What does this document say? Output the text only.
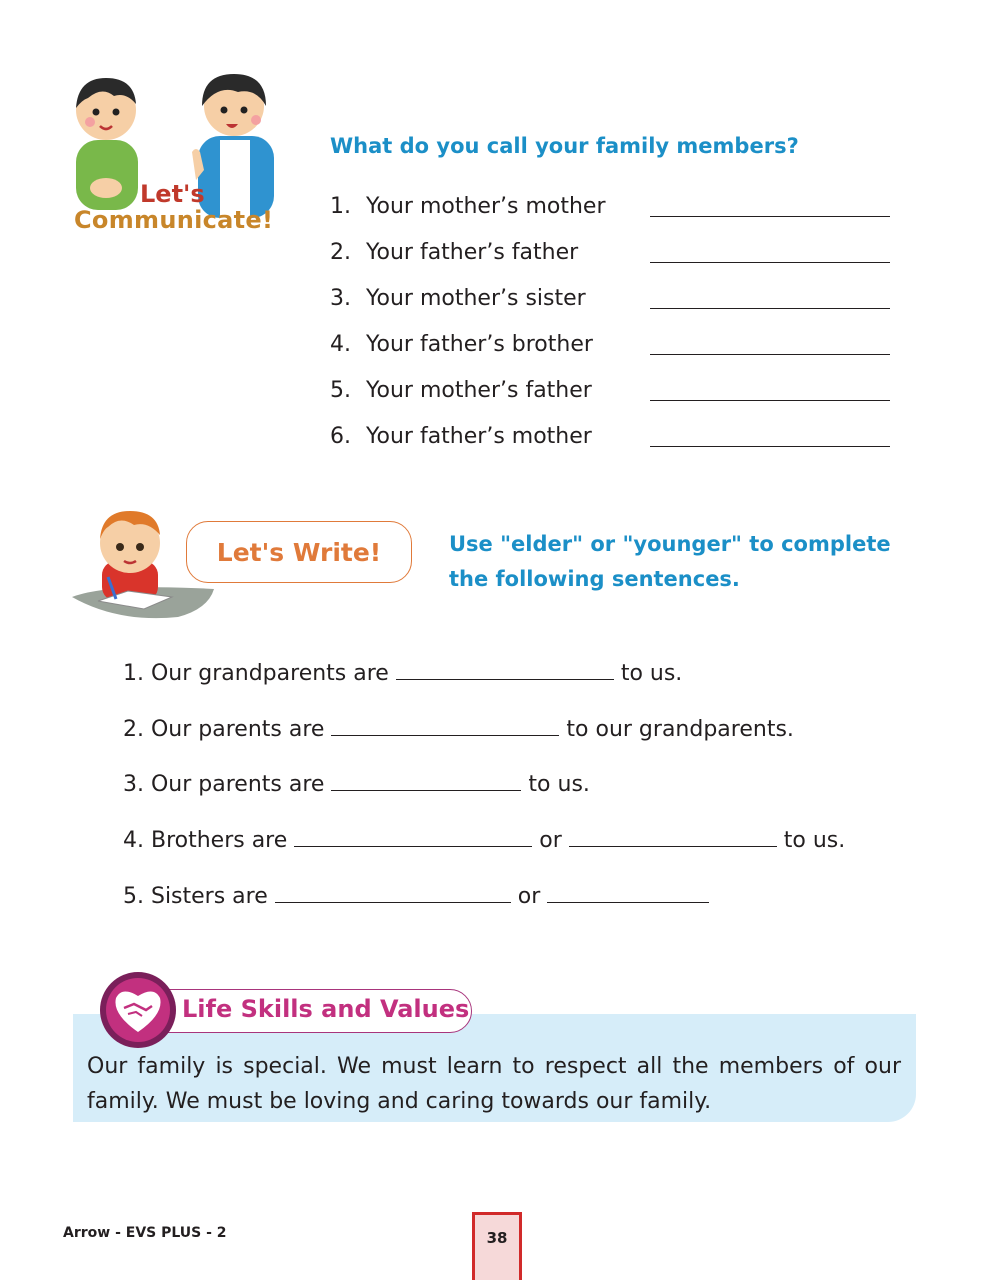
Let's
Communicate!
What do you call your family members?
1. Your mother’s mother
2. Your father’s father
3. Your mother’s sister
4. Your father’s brother
5. Your mother’s father
6. Your father’s mother
Let's Write!	Use "elder" or "younger" to complete the following sentences.
1. Our grandparents are	to us.
2. Our parents are	to our grandparents.
3. Our parents are	to us.
4. Brothers are	or	to us.
5. Sisters are	or
Life Skills and Values
Our family is special. We must learn to respect all the members of our family. We must be loving and caring towards our family.
Arrow - EVS PLUS - 2	38
